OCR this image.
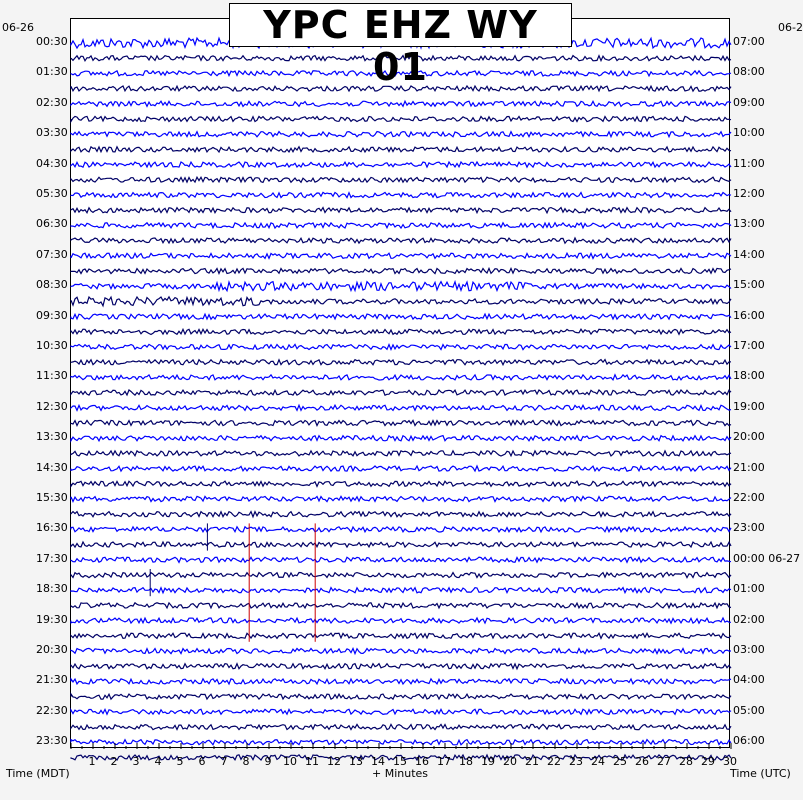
YPC EHZ WY 01
06-26	06-2
00:30
01:30
02:30
03:30
04:30
05:30
06:30
07:30
08:30
09:30
10:30
11:30
12:30
13:30
14:30
15:30
16:30
17:30
18:30
19:30
20:30
21:30
22:30
23:30
07:00
08:00
09:00
10:00
11:00
12:00
13:00
14:00
15:00
16:00
17:00
18:00
19:00
20:00
21:00
22:00
23:00
00:00 06-27
01:00
02:00
03:00
04:00
05:00
06:00
1	2	3	4	5	6	7	8	9	10 11 12 13 14 15 16 17 18 19 20 21 22 23 24 25 26 27 28 29 30
Time (MDT)	+ Minutes	Time (UTC)
